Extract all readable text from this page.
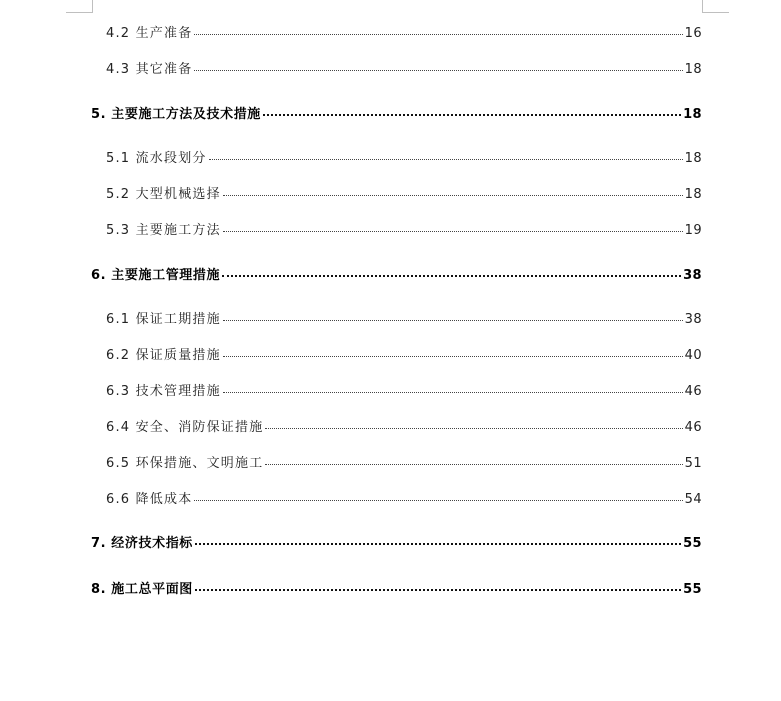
4.2 生产准备	16
4.3 其它准备	18
5. 主要施工方法及技术措施	18
5.1 流水段划分	18
5.2 大型机械选择	18
5.3 主要施工方法	19
6. 主要施工管理措施	38
6.1 保证工期措施	38
6.2 保证质量措施	40
6.3 技术管理措施	46
6.4 安全、消防保证措施	46
6.5 环保措施、文明施工	51
6.6 降低成本	54
7. 经济技术指标	55
8. 施工总平面图	55
